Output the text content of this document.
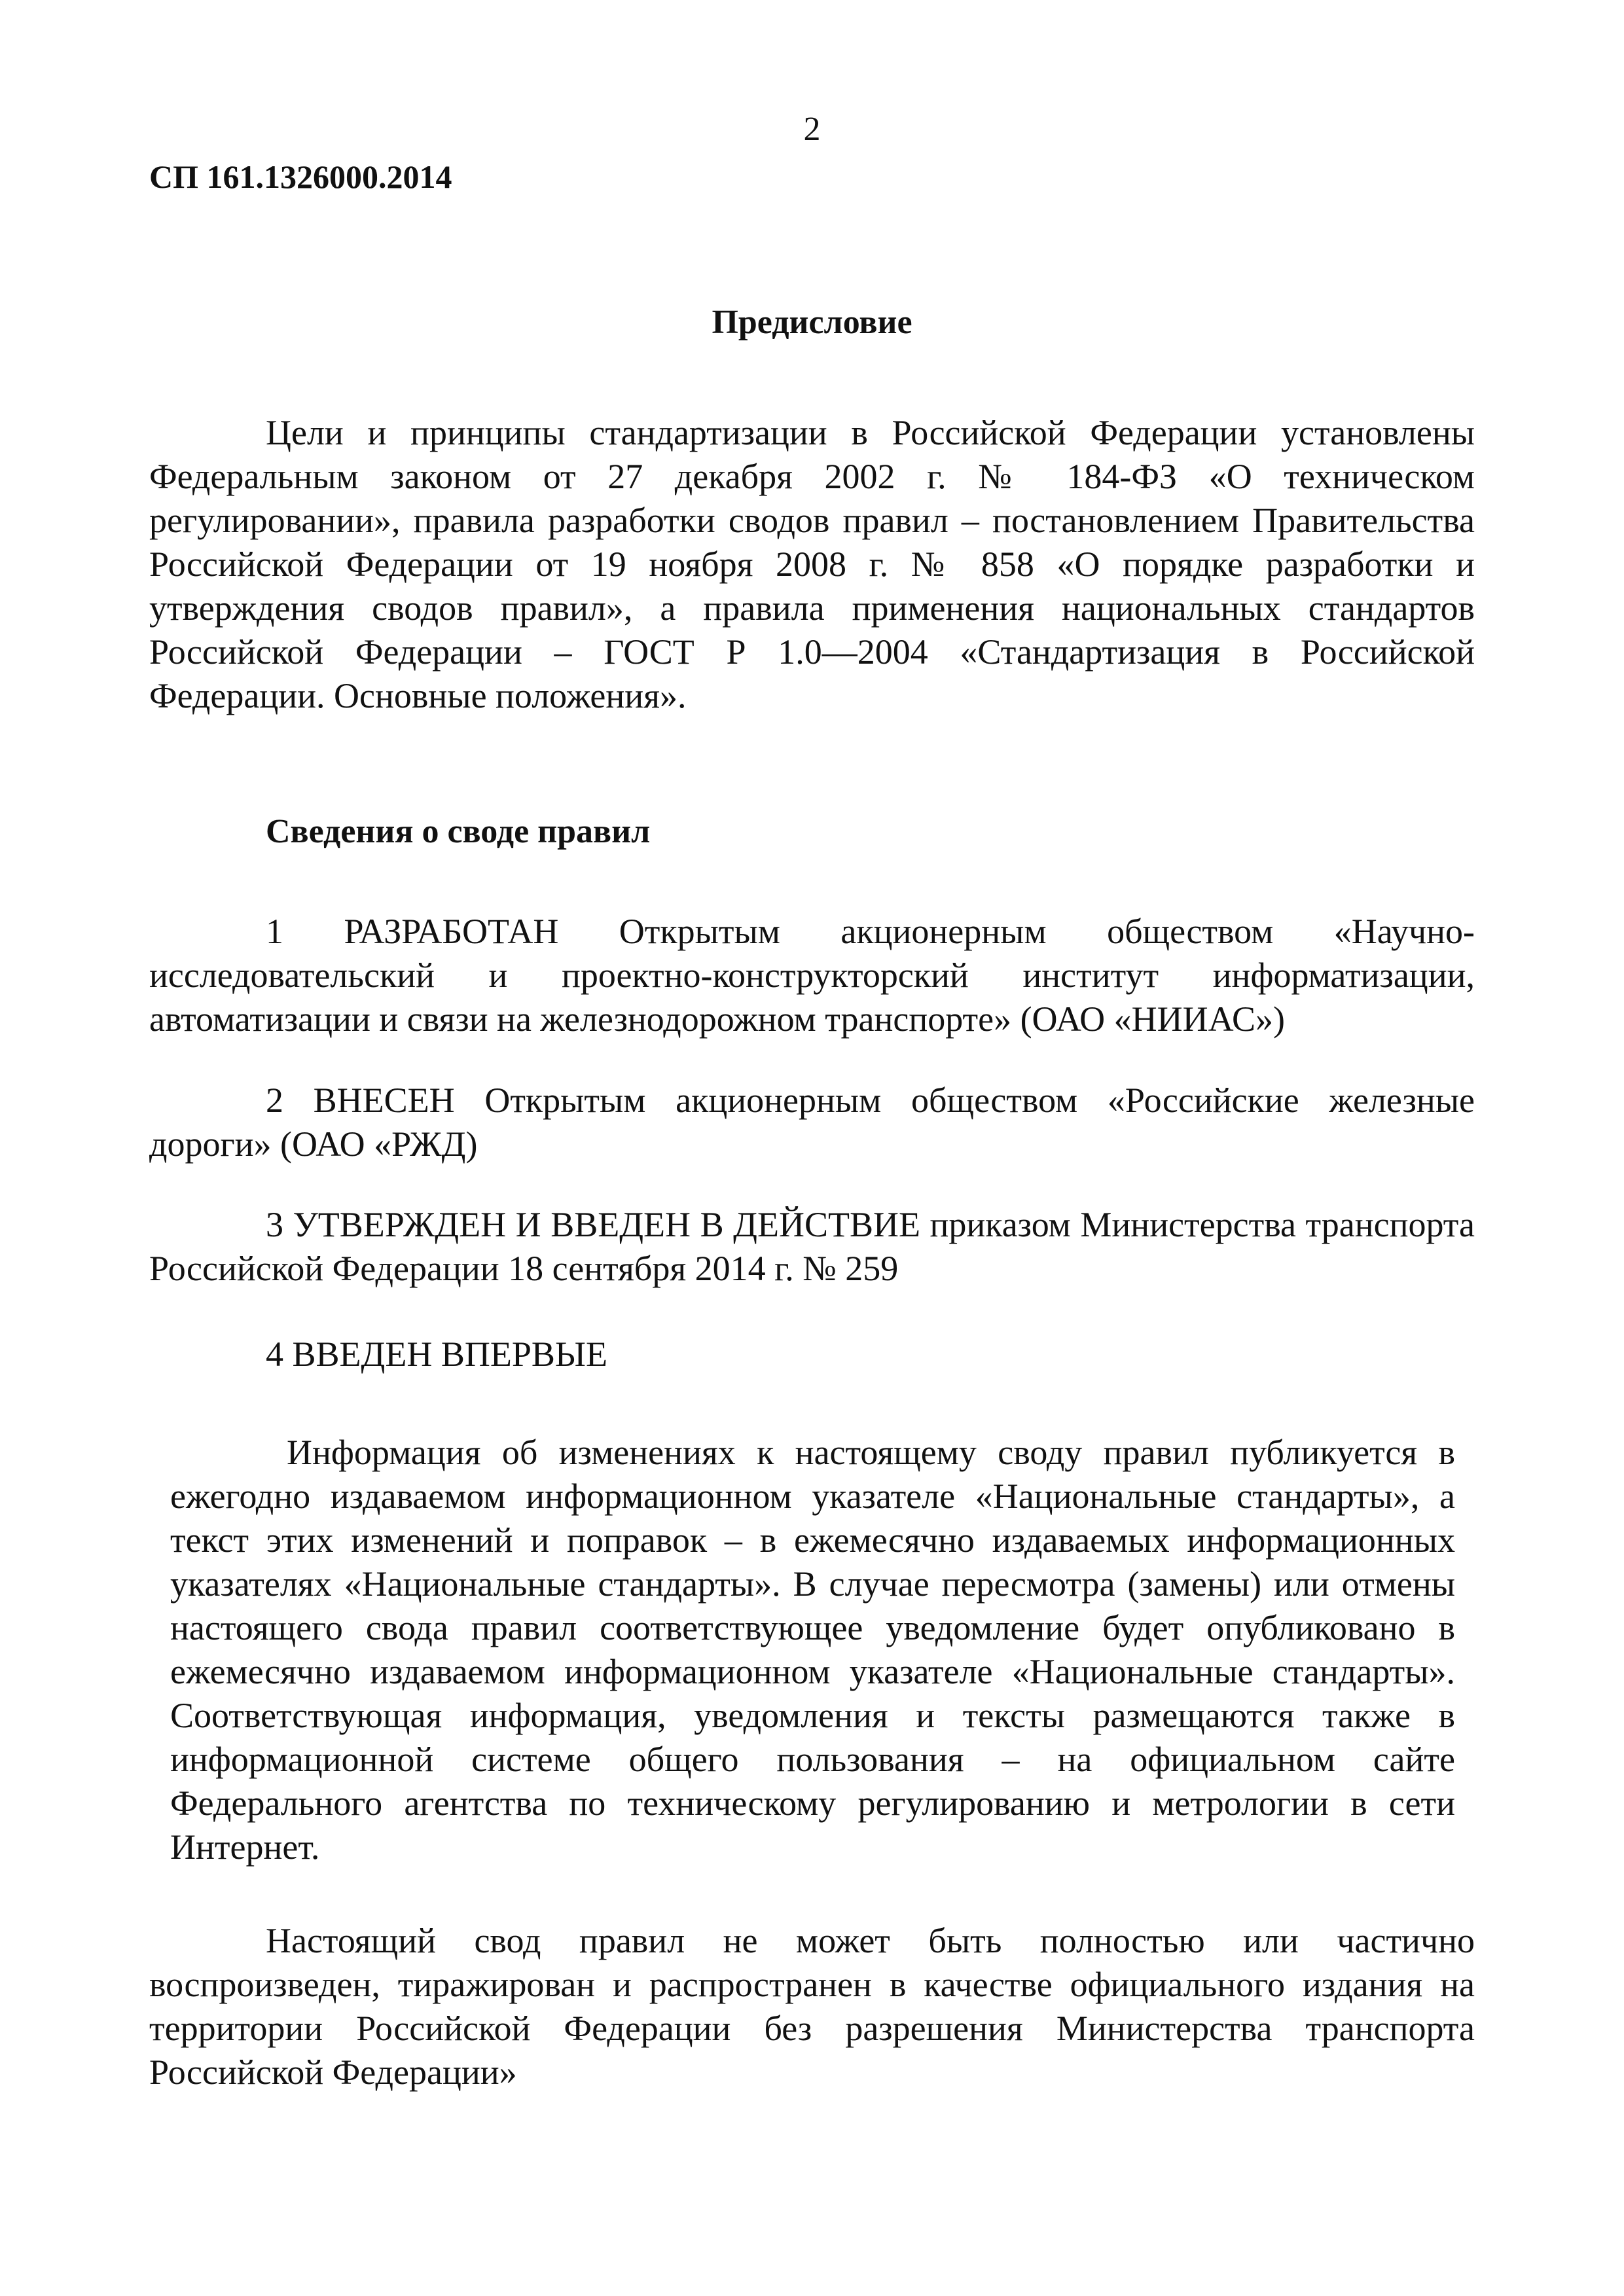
2
СП 161.1326000.2014
Предисловие

Цели и принципы стандартизации в Российской Федерации установлены Федеральным законом от 27 декабря 2002 г. № 184-ФЗ «О техническом регулировании», правила разработки сводов правил – постановлением Правительства Российской Федерации от 19 ноября 2008 г. № 858 «О порядке разработки и утверждения сводов правил», а правила применения национальных стандартов Российской Федерации – ГОСТ Р 1.0—2004 «Стандартизация в Российской Федерации. Основные положения».

Сведения о своде правил

1 РАЗРАБОТАН Открытым акционерным обществом «Научно-исследовательский и проектно-конструкторский институт информатизации, автоматизации и связи на железнодорожном транспорте» (ОАО «НИИАС»)

2 ВНЕСЕН Открытым акционерным обществом «Российские железные дороги» (ОАО «РЖД)

3 УТВЕРЖДЕН И ВВЕДЕН В ДЕЙСТВИЕ приказом Министерства транспорта Российской Федерации 18 сентября 2014 г. № 259

4 ВВЕДЕН ВПЕРВЫЕ

Информация об изменениях к настоящему своду правил публикуется в ежегодно издаваемом информационном указателе «Национальные стандарты», а текст этих изменений и поправок – в ежемесячно издаваемых информационных указателях «Национальные стандарты». В случае пересмотра (замены) или отмены настоящего свода правил соответствующее уведомление будет опубликовано в ежемесячно издаваемом информационном указателе «Национальные стандарты». Соответствующая информация, уведомления и тексты размещаются также в информационной системе общего пользования – на официальном сайте Федерального агентства по техническому регулированию и метрологии в сети Интернет.

Настоящий свод правил не может быть полностью или частично воспроизведен, тиражирован и распространен в качестве официального издания на территории Российской Федерации без разрешения Министерства транспорта Российской Федерации»
